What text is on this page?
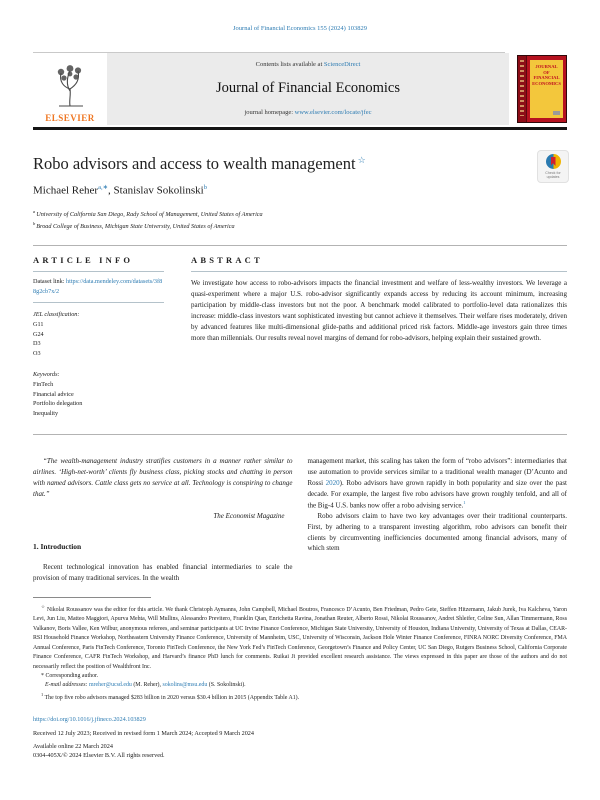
Journal of Financial Economics 155 (2024) 103829
ELSEVIER
Contents lists available at ScienceDirect
Journal of Financial Economics
journal homepage: www.elsevier.com/locate/jfec
JOURNAL OF FINANCIAL ECONOMICS
Check for updates
Robo advisors and access to wealth management ☆
Michael Reher$^{a,∗}$, Stanislav Sokolinski$^b$
$^a$University of California San Diego, Rady School of Management, United States of America
$^b$Broad College of Business, Michigan State University, United States of America
ARTICLE INFO
Dataset link: https://data.mendeley.com/datasets/3f88g2cb7x/2
JEL classification:
G11
G24
D3
O3
Keywords:
FinTech
Financial advice
Portfolio delegation
Inequality
ABSTRACT
We investigate how access to robo-advisors impacts the financial investment and welfare of less-wealthy investors. We leverage a quasi-experiment where a major U.S. robo-advisor significantly expands access by reducing its account minimum, increasing participation by middle-class investors but not the poor. A benchmark model calibrated to portfolio-level data rationalizes this increase: middle-class investors want sophisticated investing but cannot achieve it themselves. Their welfare rises moderately, driven by advanced features like multi-dimensional glide-paths and additional priced risk factors. Middle-age investors gain three times more than millennials. Our results reveal novel margins of demand for robo-advisors, helping explain their sustained growth.

“The wealth-management industry stratifies customers in a manner rather similar to airlines. ‘High-net-worth’ clients fly business class, picking stocks and chatting in person with named advisors. Cattle class gets no service at all. Technology is conspiring to change that.”

The Economist Magazine

1. Introduction

Recent technological innovation has enabled financial intermediaries to scale the provision of many traditional services. In the wealth

management market, this scaling has taken the form of “robo advisors”: intermediaries that use automation to provide services similar to a traditional wealth manager (D’Acunto and Rossi 2020). Robo advisors have grown rapidly in both popularity and size over the past decade. For example, the largest five robo advisors have grown roughly tenfold, and all of the Big-4 U.S. banks now offer a robo advising service.$^1$

Robo advisors claim to have two key advantages over their traditional counterparts. First, by adhering to a transparent investing algorithm, robo advisors can benefit their clients by circumventing inefficiencies documented among financial advisors, many of which stem

☆ Nikolai Roussanov was the editor for this article. We thank Christoph Aymanns, John Campbell, Michael Boutros, Francesco D’Acunto, Ben Friedman, Pedro Gete, Steffen Hitzemann, Jakub Jurek, Iva Kalcheva, Yaron Levi, Jun Liu, Matteo Maggiori, Apurva Mehta, Will Mullins, Alessandro Previtero, Franklin Qian, Enrichetta Ravina, Jonathan Reuter, Alberto Rossi, Nikolai Roussanov, Andrei Shleifer, Celine Sun, Allan Timmermann, Ross Valkanov, Boris Vallee, Ken Wilbur, anonymous referees, and seminar participants at UC Irvine Finance Conference, Michigan State University, University of Houston, Indiana University, University of Texas at Dallas, CEAR-RSI Household Finance Workshop, Northeastern University Finance Conference, University of Mannheim, USC, University of Wisconsin, Jackson Hole Winter Finance Conference, FINRA NORC Diversity Conference, FMA Annual Conference, Paris FinTech Conference, Toronto FinTech Conference, the New York Fed’s FinTech Conference, Georgetown’s Finance and Policy Center, UC San Diego, Rutgers Business School, California Corporate Finance Conference, CAFR FinTech Workshop, and Harvard’s finance PhD lunch for comments. Ruikai Ji provided excellent research assistance. The views expressed in this paper are those of the authors and do not necessarily reflect the position of Wealthfront Inc.

* Corresponding author.

E-mail addresses: mreher@ucsd.edu (M. Reher), sokolins@msu.edu (S. Sokolinski).

$^1$ The top five robo advisors managed $283 billion in 2020 versus $30.4 billion in 2015 (Appendix Table A1).

https://doi.org/10.1016/j.jfineco.2024.103829
Received 12 July 2023; Received in revised form 1 March 2024; Accepted 9 March 2024
Available online 22 March 2024
0304-405X/© 2024 Elsevier B.V. All rights reserved.
